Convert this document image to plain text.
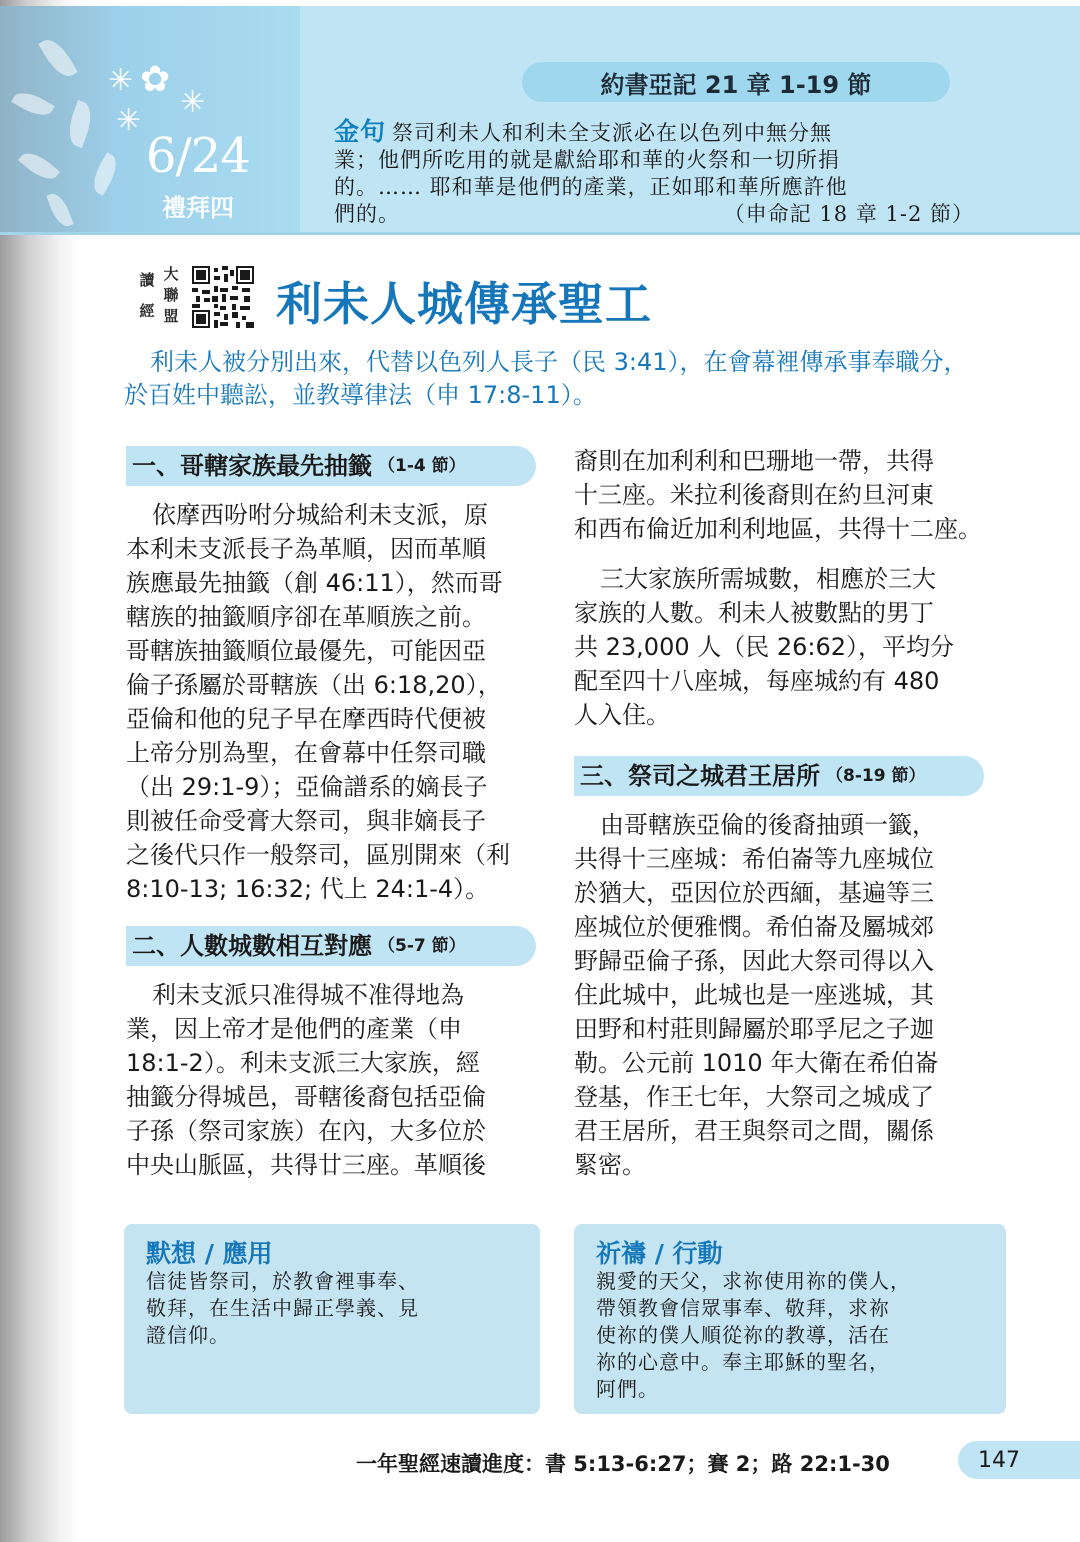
✳ ✿
✳
✳
6/24
禮拜四
約書亞記 21 章 1-19 節
金句 祭司利未人和利未全支派必在以色列中無分無
業；他們所吃用的就是獻給耶和華的火祭和一切所捐
的。…… 耶和華是他們的產業，正如耶和華所應許他
們的。	（申命記 18 章 1-2 節）
讀
經
大
聯
盟 利未人城傳承聖工
利未人被分別出來，代替以色列人長子（民 3:41），在會幕裡傳承事奉職分，於百姓中聽訟，並教導律法（申 17:8-11）。
一、哥轄家族最先抽籤 （1-4 節）

依摩西吩咐分城給利未支派，原
本利未支派長子為革順，因而革順
族應最先抽籤（創 46:11），然而哥
轄族的抽籤順序卻在革順族之前。
哥轄族抽籤順位最優先，可能因亞
倫子孫屬於哥轄族（出 6:18,20），
亞倫和他的兒子早在摩西時代便被
上帝分別為聖，在會幕中任祭司職
（出 29:1-9）；亞倫譜系的嫡長子
則被任命受膏大祭司，與非嫡長子
之後代只作一般祭司，區別開來（利
8:10-13; 16:32; 代上 24:1-4）。

二、人數城數相互對應 （5-7 節）

利未支派只准得城不准得地為
業，因上帝才是他們的產業（申
18:1-2）。利未支派三大家族，經
抽籤分得城邑，哥轄後裔包括亞倫
子孫（祭司家族）在內，大多位於
中央山脈區，共得廿三座。革順後

裔則在加利利和巴珊地一帶，共得
十三座。米拉利後裔則在約旦河東
和西布倫近加利利地區，共得十二座。

三大家族所需城數，相應於三大
家族的人數。利未人被數點的男丁
共 23,000 人（民 26:62），平均分
配至四十八座城，每座城約有 480
人入住。

三、祭司之城君王居所 （8-19 節）

由哥轄族亞倫的後裔抽頭一籤，
共得十三座城：希伯崙等九座城位
於猶大，亞因位於西緬，基遍等三
座城位於便雅憫。希伯崙及屬城郊
野歸亞倫子孫，因此大祭司得以入
住此城中，此城也是一座逃城，其
田野和村莊則歸屬於耶孚尼之子迦
勒。公元前 1010 年大衛在希伯崙
登基，作王七年，大祭司之城成了
君王居所，君王與祭司之間，關係
緊密。

默想 / 應用
信徒皆祭司，於教會裡事奉、
敬拜，在生活中歸正學義、見
證信仰。
祈禱 / 行動
親愛的天父，求祢使用祢的僕人，
帶領教會信眾事奉、敬拜，求祢
使祢的僕人順從祢的教導，活在
祢的心意中。奉主耶穌的聖名，
阿們。
一年聖經速讀進度：書 5:13-6:27；賽 2；路 22:1-30	147
